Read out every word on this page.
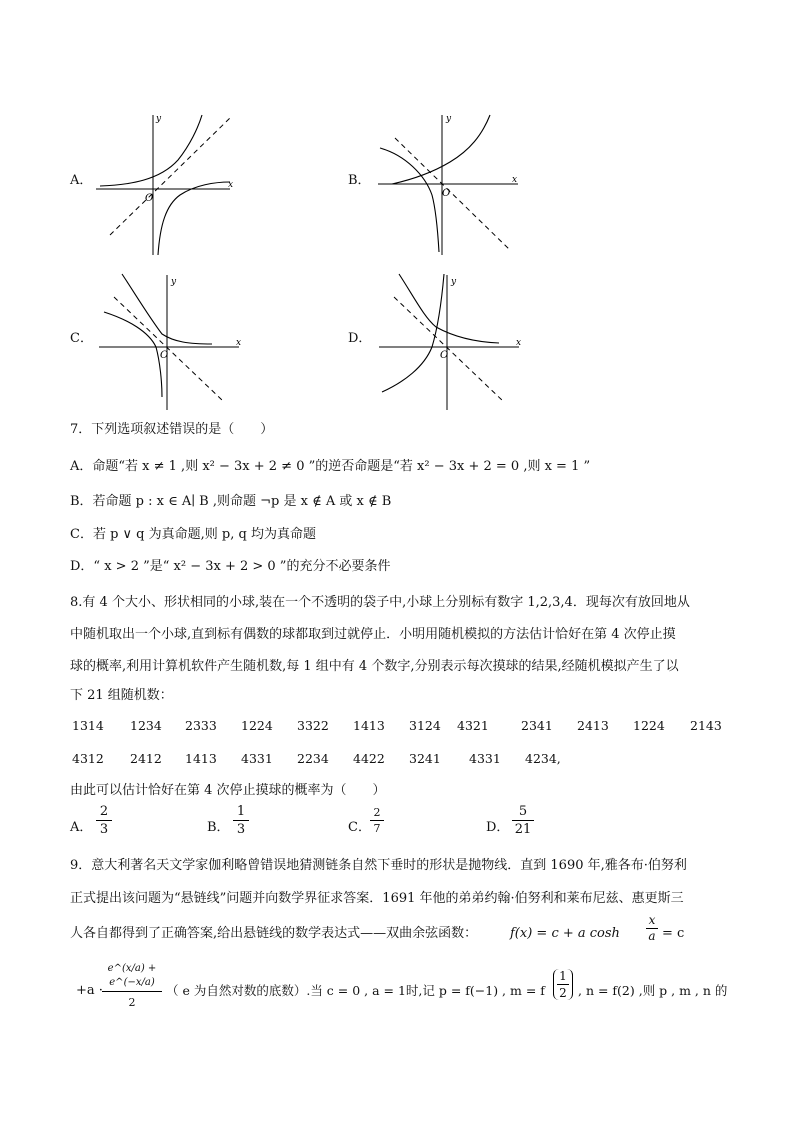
A．	x
y
O
B．	x
y
O
C．	x
y
O
D．	x
y
O
7．下列选项叙述错误的是（　　）
A．命题“若 x ≠ 1 ,则 x² − 3x + 2 ≠ 0 ”的逆否命题是“若 x² − 3x + 2 = 0 ,则 x = 1 ”
B．若命题 p : x ∈ A∣ B ,则命题 ¬p 是 x ∉ A 或 x ∉ B
C．若 p ∨ q 为真命题,则 p, q 均为真命题
D．“ x > 2 ”是“ x² − 3x + 2 > 0 ”的充分不必要条件
8.有 4 个大小、形状相同的小球,装在一个不透明的袋子中,小球上分别标有数字 1,2,3,4．现每次有放回地从
中随机取出一个小球,直到标有偶数的球都取到过就停止．小明用随机模拟的方法估计恰好在第 4 次停止摸
球的概率,利用计算机软件产生随机数,每 1 组中有 4 个数字,分别表示每次摸球的结果,经随机模拟产生了以
下 21 组随机数：
1314 1234 2333 1224 3322 1413 3124 4321	2341 2413 1224 2143
4312 2412 1413 4331 2234 4422 3241 4331 4234,
由此可以估计恰好在第 4 次停止摸球的概率为（　　）
A．
2
3	B．
1
3	C．
2
7	D．
5
21
9．意大利著名天文学家伽利略曾错误地猜测链条自然下垂时的形状是抛物线．直到 1690 年,雅各布·伯努利
正式提出该问题为“悬链线”问题并向数学界征求答案．1691 年他的弟弟约翰·伯努利和莱布尼兹、惠更斯三
人各自都得到了正确答案,给出悬链线的数学表达式——双曲余弦函数：	f(x) = c + a cosh
x
a = c
+a ·
e^(x/a) + e^(−x/a)
2
（ e 为自然对数的底数）.当 c = 0 , a = 1时,记 p = f(−1) , m = f
1
2 , n = f(2) ,则 p , m , n 的
